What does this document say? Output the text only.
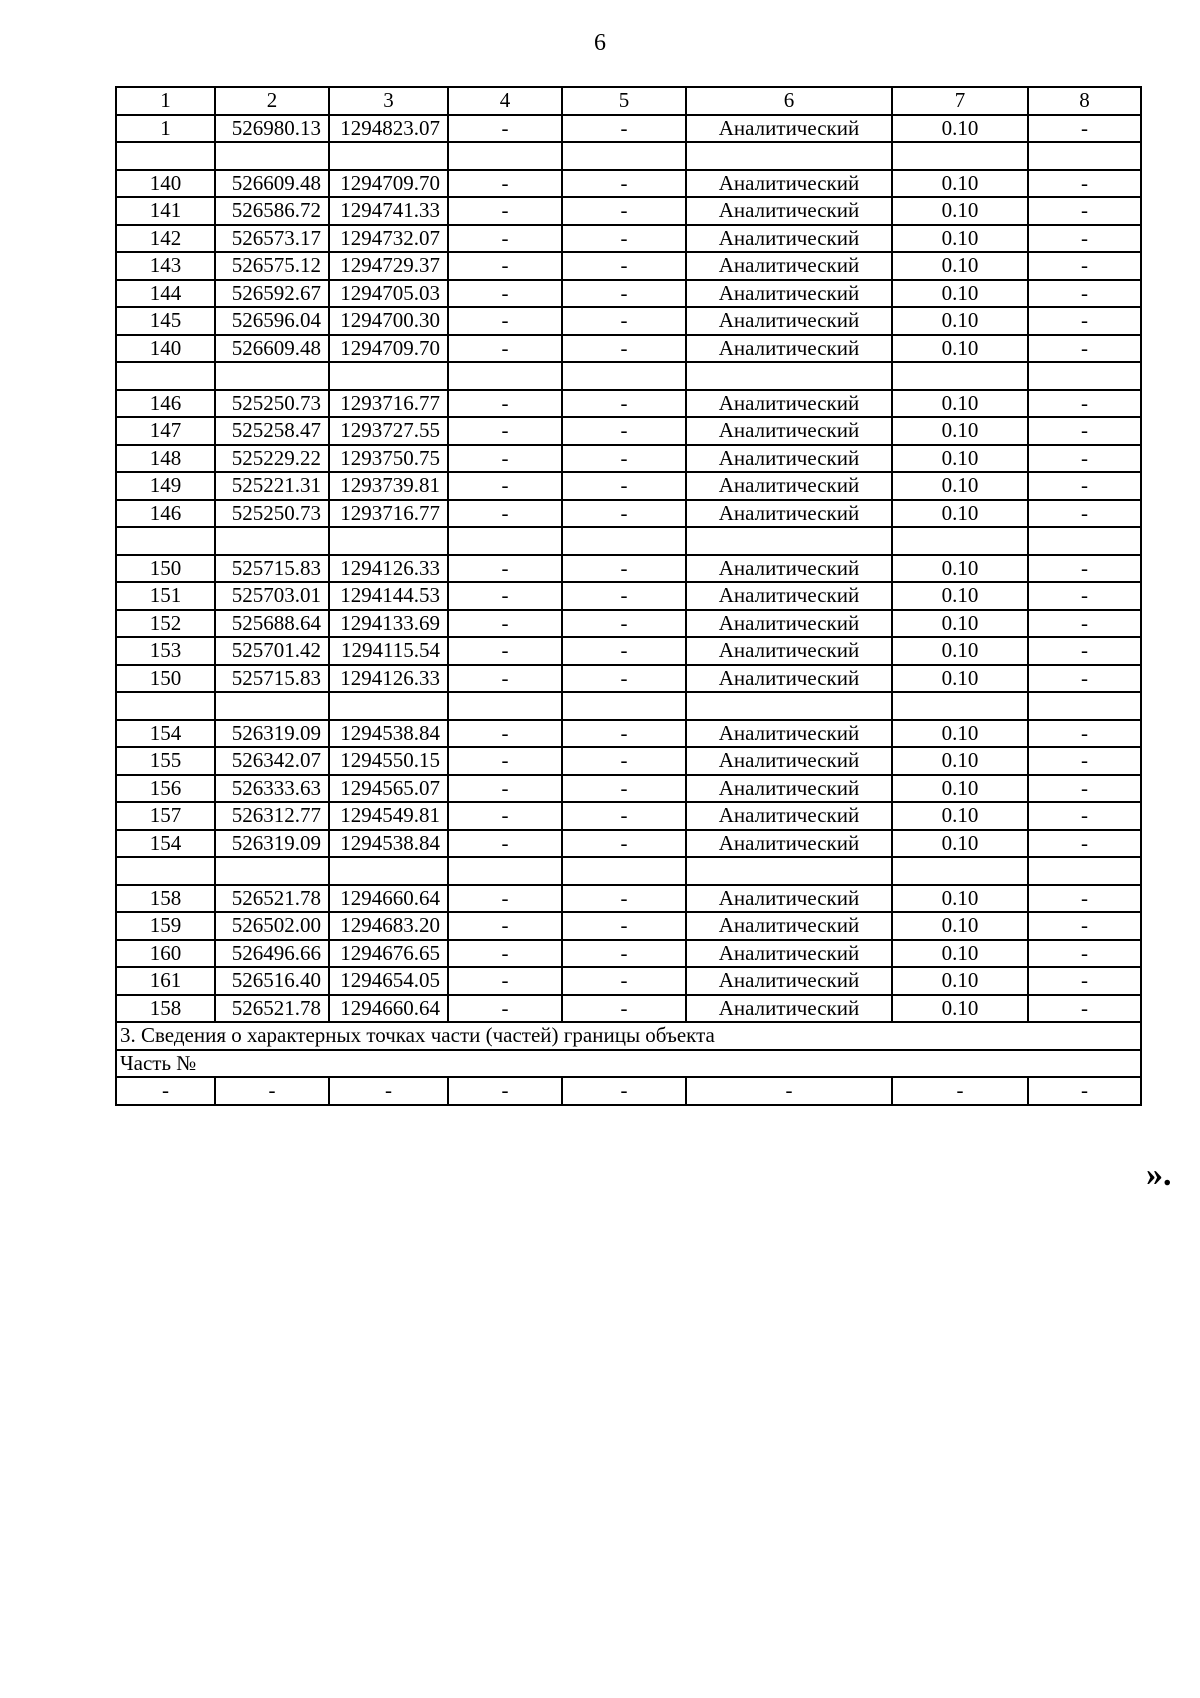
6
1	2	3	4	5	6	7	8
1	526980.13	1294823.07	-	-	Аналитический	0.10	-

140	526609.48	1294709.70	-	-	Аналитический	0.10	-
141	526586.72	1294741.33	-	-	Аналитический	0.10	-
142	526573.17	1294732.07	-	-	Аналитический	0.10	-
143	526575.12	1294729.37	-	-	Аналитический	0.10	-
144	526592.67	1294705.03	-	-	Аналитический	0.10	-
145	526596.04	1294700.30	-	-	Аналитический	0.10	-
140	526609.48	1294709.70	-	-	Аналитический	0.10	-

146	525250.73	1293716.77	-	-	Аналитический	0.10	-
147	525258.47	1293727.55	-	-	Аналитический	0.10	-
148	525229.22	1293750.75	-	-	Аналитический	0.10	-
149	525221.31	1293739.81	-	-	Аналитический	0.10	-
146	525250.73	1293716.77	-	-	Аналитический	0.10	-

150	525715.83	1294126.33	-	-	Аналитический	0.10	-
151	525703.01	1294144.53	-	-	Аналитический	0.10	-
152	525688.64	1294133.69	-	-	Аналитический	0.10	-
153	525701.42	1294115.54	-	-	Аналитический	0.10	-
150	525715.83	1294126.33	-	-	Аналитический	0.10	-

154	526319.09	1294538.84	-	-	Аналитический	0.10	-
155	526342.07	1294550.15	-	-	Аналитический	0.10	-
156	526333.63	1294565.07	-	-	Аналитический	0.10	-
157	526312.77	1294549.81	-	-	Аналитический	0.10	-
154	526319.09	1294538.84	-	-	Аналитический	0.10	-

158	526521.78	1294660.64	-	-	Аналитический	0.10	-
159	526502.00	1294683.20	-	-	Аналитический	0.10	-
160	526496.66	1294676.65	-	-	Аналитический	0.10	-
161	526516.40	1294654.05	-	-	Аналитический	0.10	-
158	526521.78	1294660.64	-	-	Аналитический	0.10	-
3. Сведения о характерных точках части (частей) границы объекта							
Часть №							
-	-	-	-	-	-	-	-
».
